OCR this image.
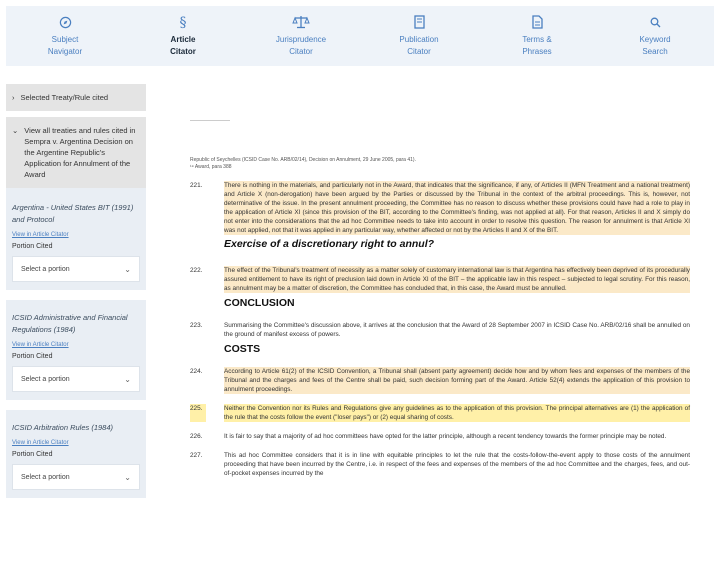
Subject
Navigator
§
Article
Citator
Jurisprudence
Citator
Publication
Citator
Terms &
Phrases
Keyword
Search
› Selected Treaty/Rule cited
⌄ View all treaties and rules cited in Sempra v. Argentina Decision on the Argentine Republic's Application for Annulment of the Award
Argentina - United States BIT (1991) and Protocol
View in Article Citator
Portion Cited
Select a portion	⌄
ICSID Administrative and Financial Regulations (1984)
View in Article Citator
Portion Cited
Select a portion	⌄
ICSID Arbitration Rules (1984)
View in Article Citator
Portion Cited
Select a portion	⌄
Republic of Seychelles (ICSID Case No. ARB/02/14), Decision on Annulment, 29 June 2005, para 41).
¹⁹ Award, para 388
221.	There is nothing in the materials, and particularly not in the Award, that indicates that the significance, if any, of Articles II (MFN Treatment and a national treatment) and Article X (non-derogation) have been argued by the Parties or discussed by the Tribunal in the context of the arbitral proceedings. This is, however, not determinative of the issue. In the present annulment proceeding, the Committee has no reason to discuss whether these provisions could have had a role to play in the application of Article XI (since this provision of the BIT, according to the Committee's finding, was not applied at all). For that reason, Articles II and X simply do not enter into the considerations that the ad hoc Committee needs to take into account in order to resolve this question. The reason for annulment is that Article XI was not applied, not that it was applied in any particular way, whether affected or not by the Articles II and X of the BIT.
Exercise of a discretionary right to annul?
222.	The effect of the Tribunal's treatment of necessity as a matter solely of customary international law is that Argentina has effectively been deprived of its procedurally assured entitlement to have its right of preclusion laid down in Article XI of the BIT – the applicable law in this respect – subjected to legal scrutiny. For this reason, as annulment may be a matter of discretion, the Committee has concluded that, in this case, the Award must be annulled.
CONCLUSION
223.	Summarising the Committee's discussion above, it arrives at the conclusion that the Award of 28 September 2007 in ICSID Case No. ARB/02/16 shall be annulled on the ground of manifest excess of powers.
COSTS
224.	According to Article 61(2) of the ICSID Convention, a Tribunal shall (absent party agreement) decide how and by whom fees and expenses of the members of the Tribunal and the charges and fees of the Centre shall be paid, such decision forming part of the Award. Article 52(4) extends the application of this provision to annulment proceedings.
225.	Neither the Convention nor its Rules and Regulations give any guidelines as to the application of this provision. The principal alternatives are (1) the application of the rule that the costs follow the event ("loser pays") or (2) equal sharing of costs.
226.	It is fair to say that a majority of ad hoc committees have opted for the latter principle, although a recent tendency towards the former principle may be noted.
227.	This ad hoc Committee considers that it is in line with equitable principles to let the rule that the costs-follow-the-event apply to those costs of the annulment proceeding that have been incurred by the Centre, i.e. in respect of the fees and expenses of the members of the ad hoc Committee and the charges, fees, and out-of-pocket expenses incurred by the
